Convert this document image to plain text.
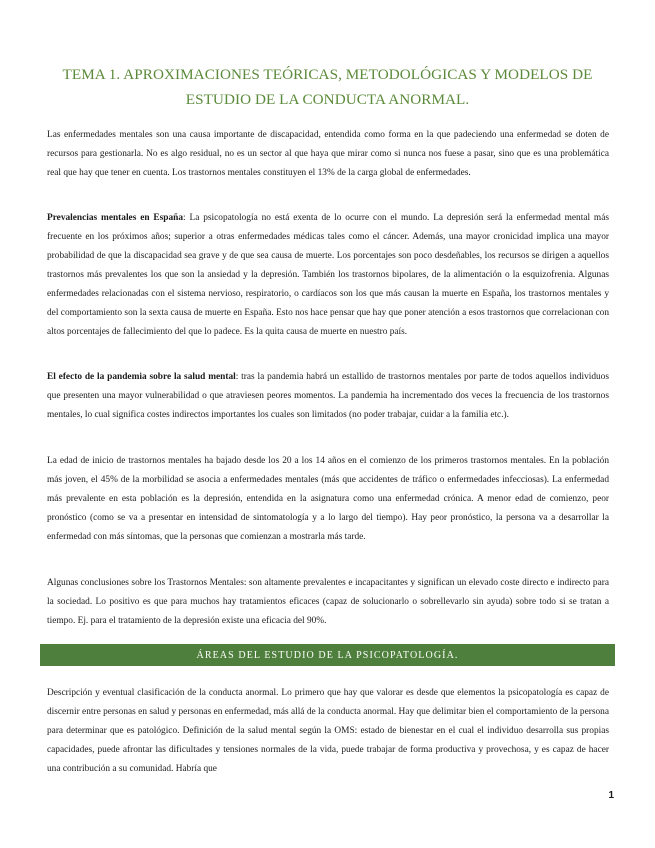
TEMA 1. APROXIMACIONES TEÓRICAS, METODOLÓGICAS Y MODELOS DE ESTUDIO DE LA CONDUCTA ANORMAL.

Las enfermedades mentales son una causa importante de discapacidad, entendida como forma en la que padeciendo una enfermedad se doten de recursos para gestionarla. No es algo residual, no es un sector al que haya que mirar como si nunca nos fuese a pasar, sino que es una problemática real que hay que tener en cuenta. Los trastornos mentales constituyen el 13% de la carga global de enfermedades.

Prevalencias mentales en España: La psicopatología no está exenta de lo ocurre con el mundo. La depresión será la enfermedad mental más frecuente en los próximos años; superior a otras enfermedades médicas tales como el cáncer. Además, una mayor cronicidad implica una mayor probabilidad de que la discapacidad sea grave y de que sea causa de muerte. Los porcentajes son poco desdeñables, los recursos se dirigen a aquellos trastornos más prevalentes los que son la ansiedad y la depresión. También los trastornos bipolares, de la alimentación o la esquizofrenia. Algunas enfermedades relacionadas con el sistema nervioso, respiratorio, o cardíacos son los que más causan la muerte en España, los trastornos mentales y del comportamiento son la sexta causa de muerte en España. Esto nos hace pensar que hay que poner atención a esos trastornos que correlacionan con altos porcentajes de fallecimiento del que lo padece. Es la quita causa de muerte en nuestro país.

El efecto de la pandemia sobre la salud mental: tras la pandemia habrá un estallido de trastornos mentales por parte de todos aquellos individuos que presenten una mayor vulnerabilidad o que atraviesen peores momentos. La pandemia ha incrementado dos veces la frecuencia de los trastornos mentales, lo cual significa costes indirectos importantes los cuales son limitados (no poder trabajar, cuidar a la familia etc.).

La edad de inicio de trastornos mentales ha bajado desde los 20 a los 14 años en el comienzo de los primeros trastornos mentales. En la población más joven, el 45% de la morbilidad se asocia a enfermedades mentales (más que accidentes de tráfico o enfermedades infecciosas). La enfermedad más prevalente en esta población es la depresión, entendida en la asignatura como una enfermedad crónica. A menor edad de comienzo, peor pronóstico (como se va a presentar en intensidad de sintomatología y a lo largo del tiempo). Hay peor pronóstico, la persona va a desarrollar la enfermedad con más síntomas, que la personas que comienzan a mostrarla más tarde.

Algunas conclusiones sobre los Trastornos Mentales: son altamente prevalentes e incapacitantes y significan un elevado coste directo e indirecto para la sociedad. Lo positivo es que para muchos hay tratamientos eficaces (capaz de solucionarlo o sobrellevarlo sin ayuda) sobre todo si se tratan a tiempo. Ej. para el tratamiento de la depresión existe una eficacia del 90%.

ÁREAS DEL ESTUDIO DE LA PSICOPATOLOGÍA.

Descripción y eventual clasificación de la conducta anormal. Lo primero que hay que valorar es desde que elementos la psicopatología es capaz de discernir entre personas en salud y personas en enfermedad, más allá de la conducta anormal. Hay que delimitar bien el comportamiento de la persona para determinar que es patológico. Definición de la salud mental según la OMS: estado de bienestar en el cual el individuo desarrolla sus propias capacidades, puede afrontar las dificultades y tensiones normales de la vida, puede trabajar de forma productiva y provechosa, y es capaz de hacer una contribución a su comunidad. Habría que

1
